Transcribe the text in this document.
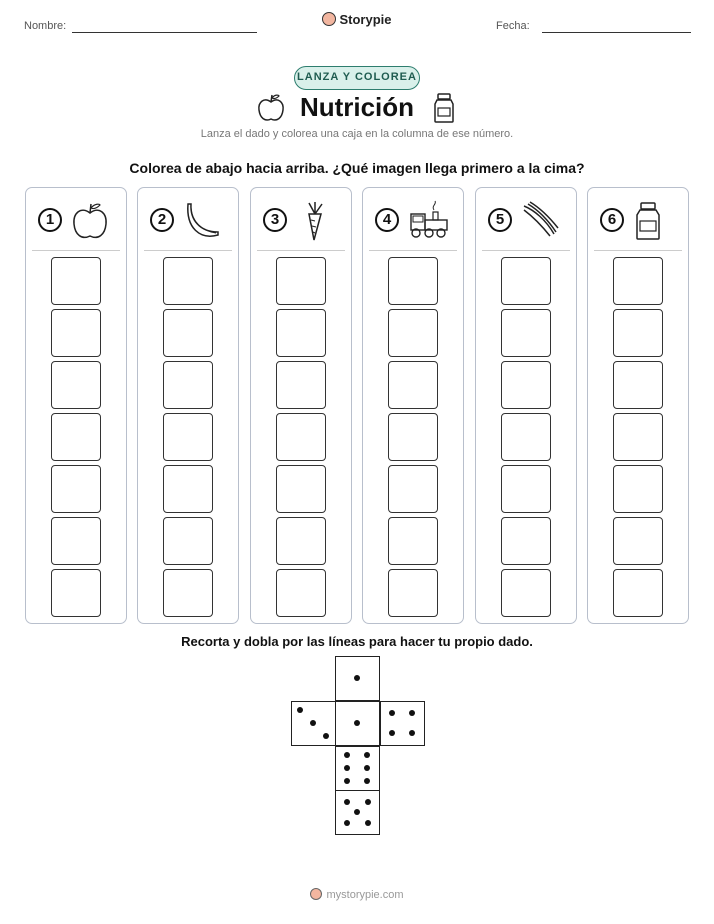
Nombre:	Storypie	Fecha:
LANZA Y COLOREA
Nutrición
Lanza el dado y colorea una caja en la columna de ese número.
Colorea de abajo hacia arriba. ¿Qué imagen llega primero a la cima?
1	2	3	4	5	6
Recorta y dobla por las líneas para hacer tu propio dado.
mystorypie.com
